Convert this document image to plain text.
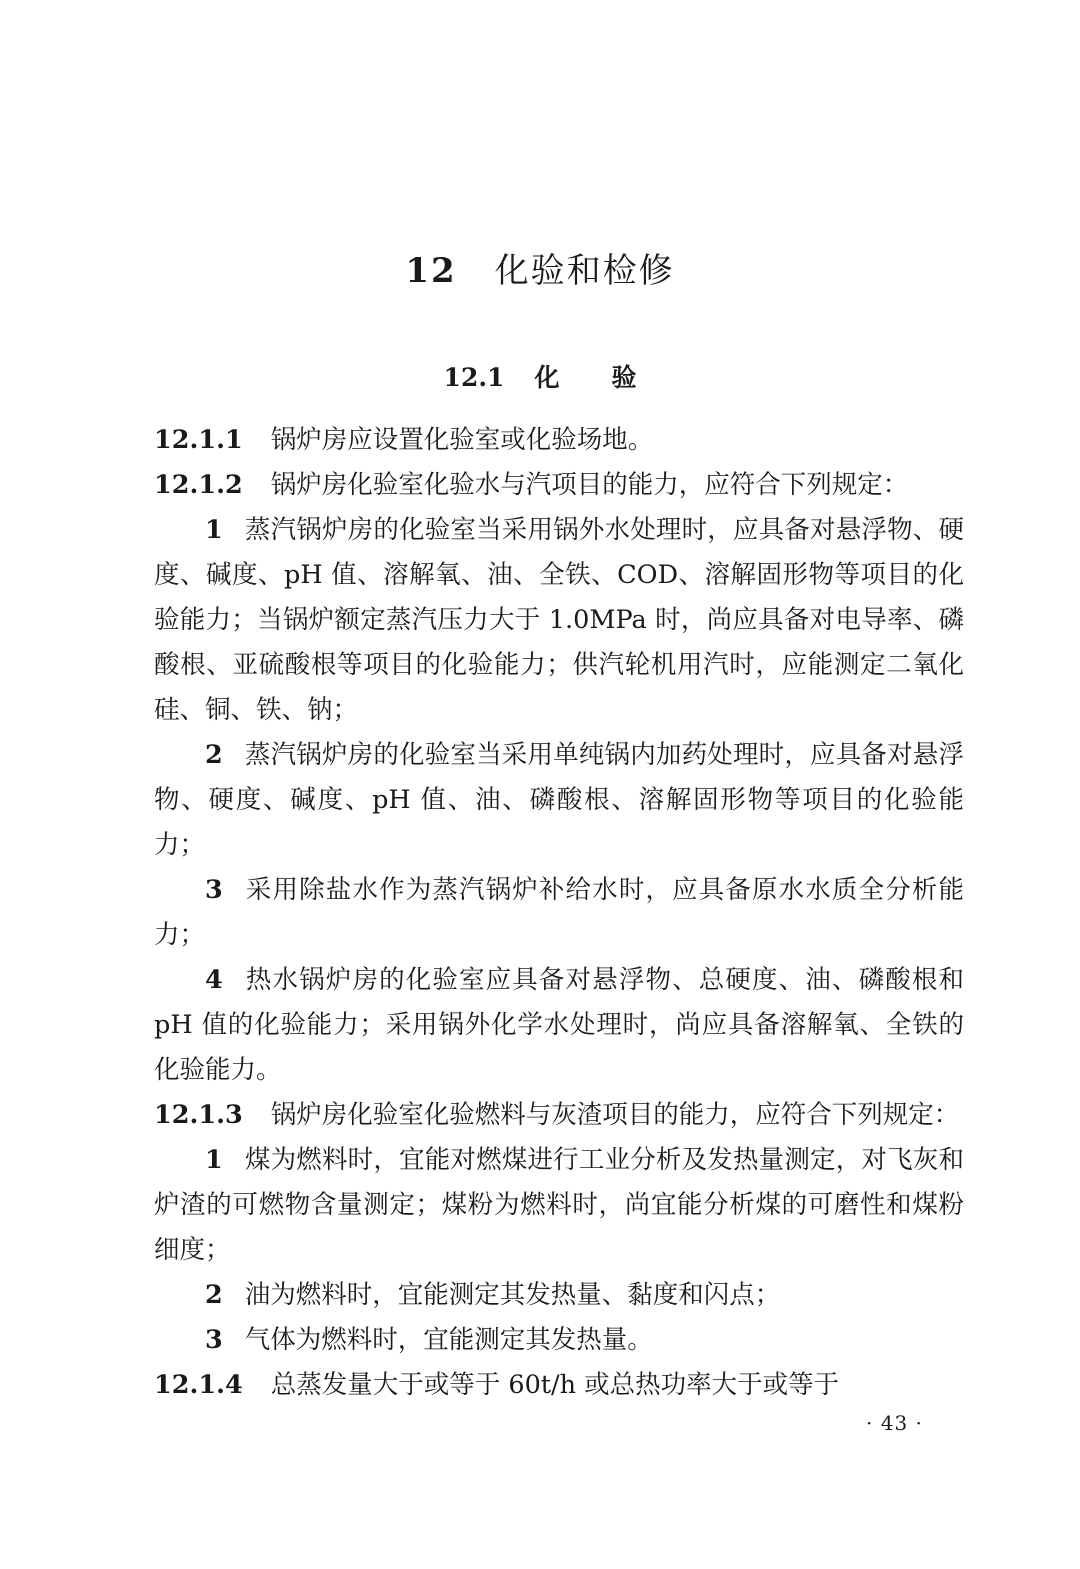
12 化验和检修
12.1 化验

12.1.1 锅炉房应设置化验室或化验场地。

12.1.2 锅炉房化验室化验水与汽项目的能力，应符合下列规定：

1 蒸汽锅炉房的化验室当采用锅外水处理时，应具备对悬浮物、硬度、碱度、pH 值、溶解氧、油、全铁、COD、溶解固形物等项目的化验能力；当锅炉额定蒸汽压力大于 1.0MPa 时，尚应具备对电导率、磷酸根、亚硫酸根等项目的化验能力；供汽轮机用汽时，应能测定二氧化硅、铜、铁、钠；

2 蒸汽锅炉房的化验室当采用单纯锅内加药处理时，应具备对悬浮物、硬度、碱度、pH 值、油、磷酸根、溶解固形物等项目的化验能力；

3 采用除盐水作为蒸汽锅炉补给水时，应具备原水水质全分析能力；

4 热水锅炉房的化验室应具备对悬浮物、总硬度、油、磷酸根和 pH 值的化验能力；采用锅外化学水处理时，尚应具备溶解氧、全铁的化验能力。

12.1.3 锅炉房化验室化验燃料与灰渣项目的能力，应符合下列规定：

1 煤为燃料时，宜能对燃煤进行工业分析及发热量测定，对飞灰和炉渣的可燃物含量测定；煤粉为燃料时，尚宜能分析煤的可磨性和煤粉细度；

2 油为燃料时，宜能测定其发热量、黏度和闪点；

3 气体为燃料时，宜能测定其发热量。

12.1.4 总蒸发量大于或等于 60t/h 或总热功率大于或等于

· 43 ·
